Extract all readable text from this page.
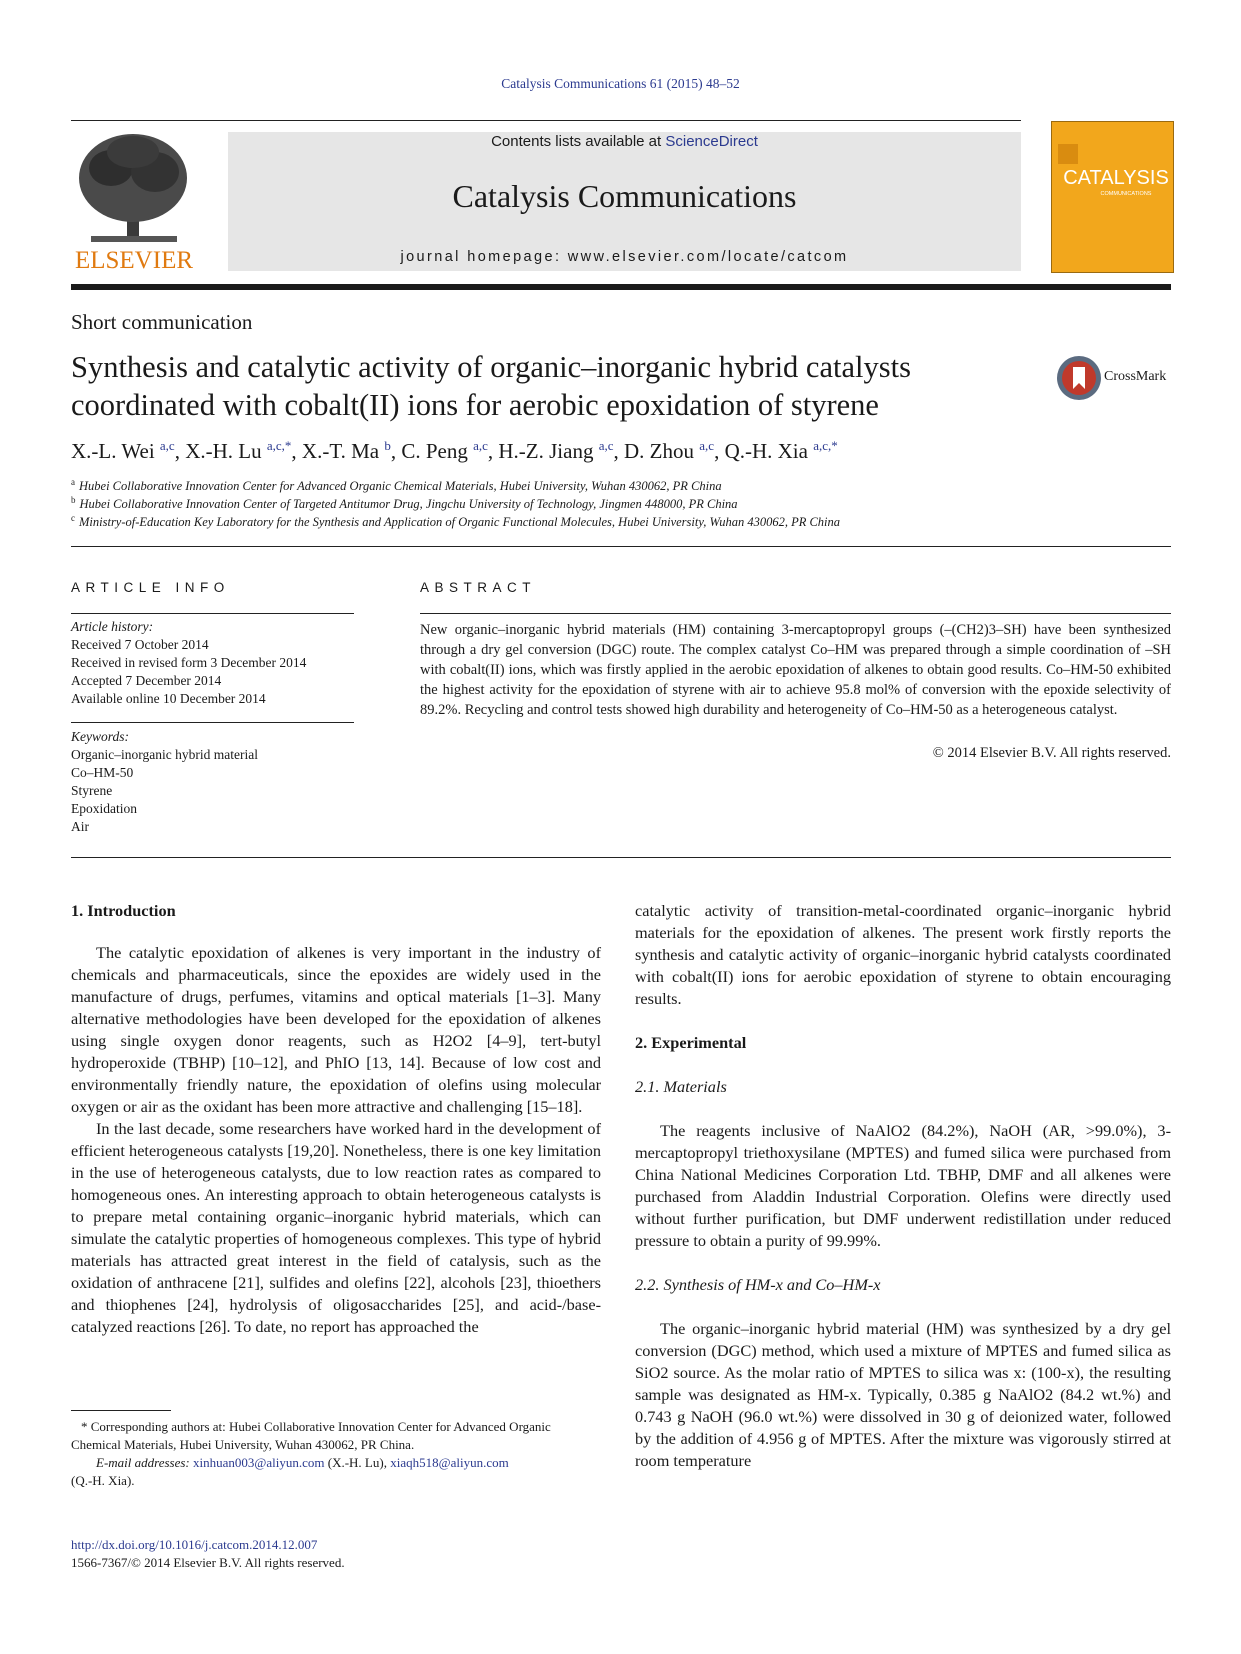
Catalysis Communications 61 (2015) 48–52
ELSEVIER
Contents lists available at ScienceDirect
Catalysis Communications
journal homepage: www.elsevier.com/locate/catcom
CATALYSIS
COMMUNICATIONS
Short communication
Synthesis and catalytic activity of organic–inorganic hybrid catalysts
coordinated with cobalt(II) ions for aerobic epoxidation of styrene
CrossMark
X.-L. Wei $^{a,c}$, X.-H. Lu $^{a,c,*}$, X.-T. Ma $^b$, C. Peng $^{a,c}$, H.-Z. Jiang $^{a,c}$, D. Zhou $^{a,c}$, Q.-H. Xia $^{a,c,*}$
$^a$ Hubei Collaborative Innovation Center for Advanced Organic Chemical Materials, Hubei University, Wuhan 430062, PR China
$^b$ Hubei Collaborative Innovation Center of Targeted Antitumor Drug, Jingchu University of Technology, Jingmen 448000, PR China
$^c$ Ministry-of-Education Key Laboratory for the Synthesis and Application of Organic Functional Molecules, Hubei University, Wuhan 430062, PR China
ARTICLE INFO
Article history:
Received 7 October 2014
Received in revised form 3 December 2014
Accepted 7 December 2014
Available online 10 December 2014
Keywords:
Organic–inorganic hybrid material
Co–HM-50
Styrene
Epoxidation
Air
ABSTRACT
New organic–inorganic hybrid materials (HM) containing 3-mercaptopropyl groups (–(CH2)3–SH) have been synthesized through a dry gel conversion (DGC) route. The complex catalyst Co–HM was prepared through a simple coordination of –SH with cobalt(II) ions, which was firstly applied in the aerobic epoxidation of alkenes to obtain good results. Co–HM-50 exhibited the highest activity for the epoxidation of styrene with air to achieve 95.8 mol% of conversion with the epoxide selectivity of 89.2%. Recycling and control tests showed high durability and heterogeneity of Co–HM-50 as a heterogeneous catalyst.
© 2014 Elsevier B.V. All rights reserved.
1. Introduction

The catalytic epoxidation of alkenes is very important in the industry of chemicals and pharmaceuticals, since the epoxides are widely used in the manufacture of drugs, perfumes, vitamins and optical materials [1–3]. Many alternative methodologies have been developed for the epoxidation of alkenes using single oxygen donor reagents, such as H2O2 [4–9], tert-butyl hydroperoxide (TBHP) [10–12], and PhIO [13, 14]. Because of low cost and environmentally friendly nature, the epoxidation of olefins using molecular oxygen or air as the oxidant has been more attractive and challenging [15–18].

In the last decade, some researchers have worked hard in the development of efficient heterogeneous catalysts [19,20]. Nonetheless, there is one key limitation in the use of heterogeneous catalysts, due to low reaction rates as compared to homogeneous ones. An interesting approach to obtain heterogeneous catalysts is to prepare metal containing organic–inorganic hybrid materials, which can simulate the catalytic properties of homogeneous complexes. This type of hybrid materials has attracted great interest in the field of catalysis, such as the oxidation of anthracene [21], sulfides and olefins [22], alcohols [23], thioethers and thiophenes [24], hydrolysis of oligosaccharides [25], and acid-/base-catalyzed reactions [26]. To date, no report has approached the

* Corresponding authors at: Hubei Collaborative Innovation Center for Advanced Organic Chemical Materials, Hubei University, Wuhan 430062, PR China.
E-mail addresses: xinhuan003@aliyun.com (X.-H. Lu), xiaqh518@aliyun.com
(Q.-H. Xia).

catalytic activity of transition-metal-coordinated organic–inorganic hybrid materials for the epoxidation of alkenes. The present work firstly reports the synthesis and catalytic activity of organic–inorganic hybrid catalysts coordinated with cobalt(II) ions for aerobic epoxidation of styrene to obtain encouraging results.

2. Experimental
2.1. Materials

The reagents inclusive of NaAlO2 (84.2%), NaOH (AR, >99.0%), 3-mercaptopropyl triethoxysilane (MPTES) and fumed silica were purchased from China National Medicines Corporation Ltd. TBHP, DMF and all alkenes were purchased from Aladdin Industrial Corporation. Olefins were directly used without further purification, but DMF underwent redistillation under reduced pressure to obtain a purity of 99.99%.

2.2. Synthesis of HM-x and Co–HM-x

The organic–inorganic hybrid material (HM) was synthesized by a dry gel conversion (DGC) method, which used a mixture of MPTES and fumed silica as SiO2 source. As the molar ratio of MPTES to silica was x: (100-x), the resulting sample was designated as HM-x. Typically, 0.385 g NaAlO2 (84.2 wt.%) and 0.743 g NaOH (96.0 wt.%) were dissolved in 30 g of deionized water, followed by the addition of 4.956 g of MPTES. After the mixture was vigorously stirred at room temperature

http://dx.doi.org/10.1016/j.catcom.2014.12.007
1566-7367/© 2014 Elsevier B.V. All rights reserved.
